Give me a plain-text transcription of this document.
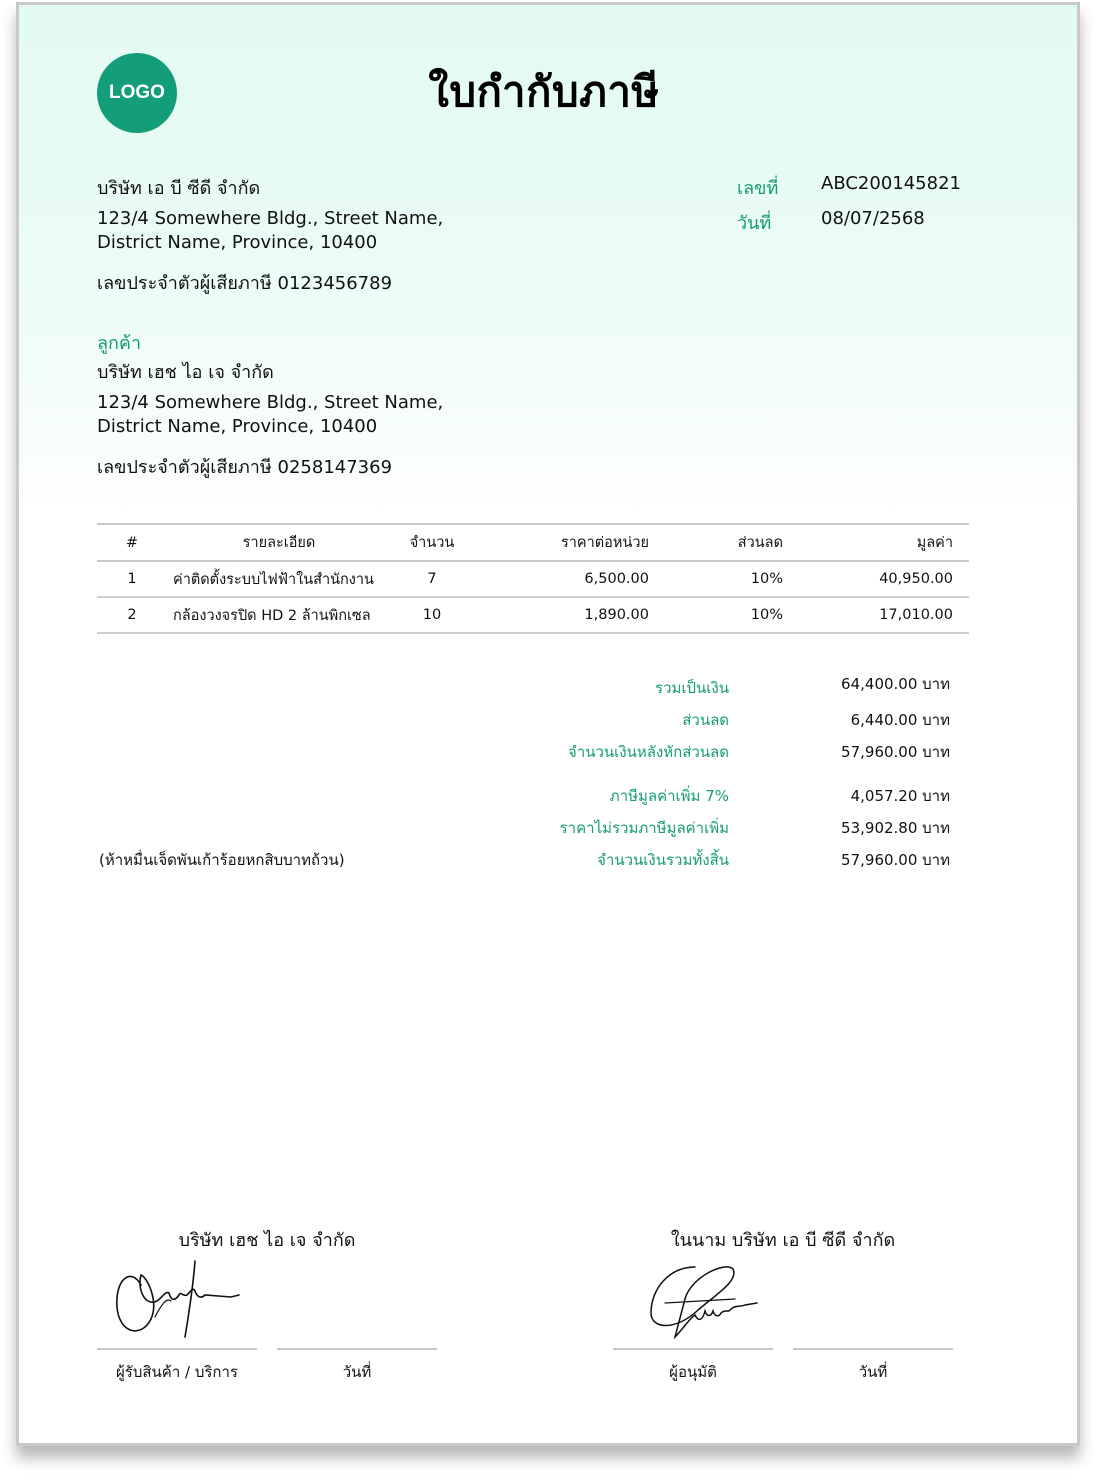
LOGO	ใบกำกับภาษี
บริษัท เอ บี ซีดี จำกัด
123/4 Somewhere Bldg., Street Name,
District Name, Province, 10400
เลขประจำตัวผู้เสียภาษี 0123456789
เลขที่ ABC200145821
วันที่	08/07/2568
ลูกค้า
บริษัท เฮช ไอ เจ จำกัด
123/4 Somewhere Bldg., Street Name,
District Name, Province, 10400
เลขประจำตัวผู้เสียภาษี 0258147369
#	รายละเอียด	จำนวน	ราคาต่อหน่วย	ส่วนลด	มูลค่า
1	ค่าติดตั้งระบบไฟฟ้าในสำนักงาน	7	6,500.00	10%	40,950.00
2	กล้องวงจรปิด HD 2 ล้านพิกเซล	10	1,890.00	10%	17,010.00
รวมเป็นเงิน	64,400.00 บาท
ส่วนลด	6,440.00 บาท
จำนวนเงินหลังหักส่วนลด	57,960.00 บาท
ภาษีมูลค่าเพิ่ม 7%	4,057.20 บาท
ราคาไม่รวมภาษีมูลค่าเพิ่ม	53,902.80 บาท
จำนวนเงินรวมทั้งสิ้น	57,960.00 บาท
(ห้าหมื่นเจ็ดพันเก้าร้อยหกสิบบาทถ้วน)
บริษัท เฮช ไอ เจ จำกัด
ผู้รับสินค้า / บริการ	วันที่
ในนาม บริษัท เอ บี ซีดี จำกัด
ผู้อนุมัติ	วันที่
